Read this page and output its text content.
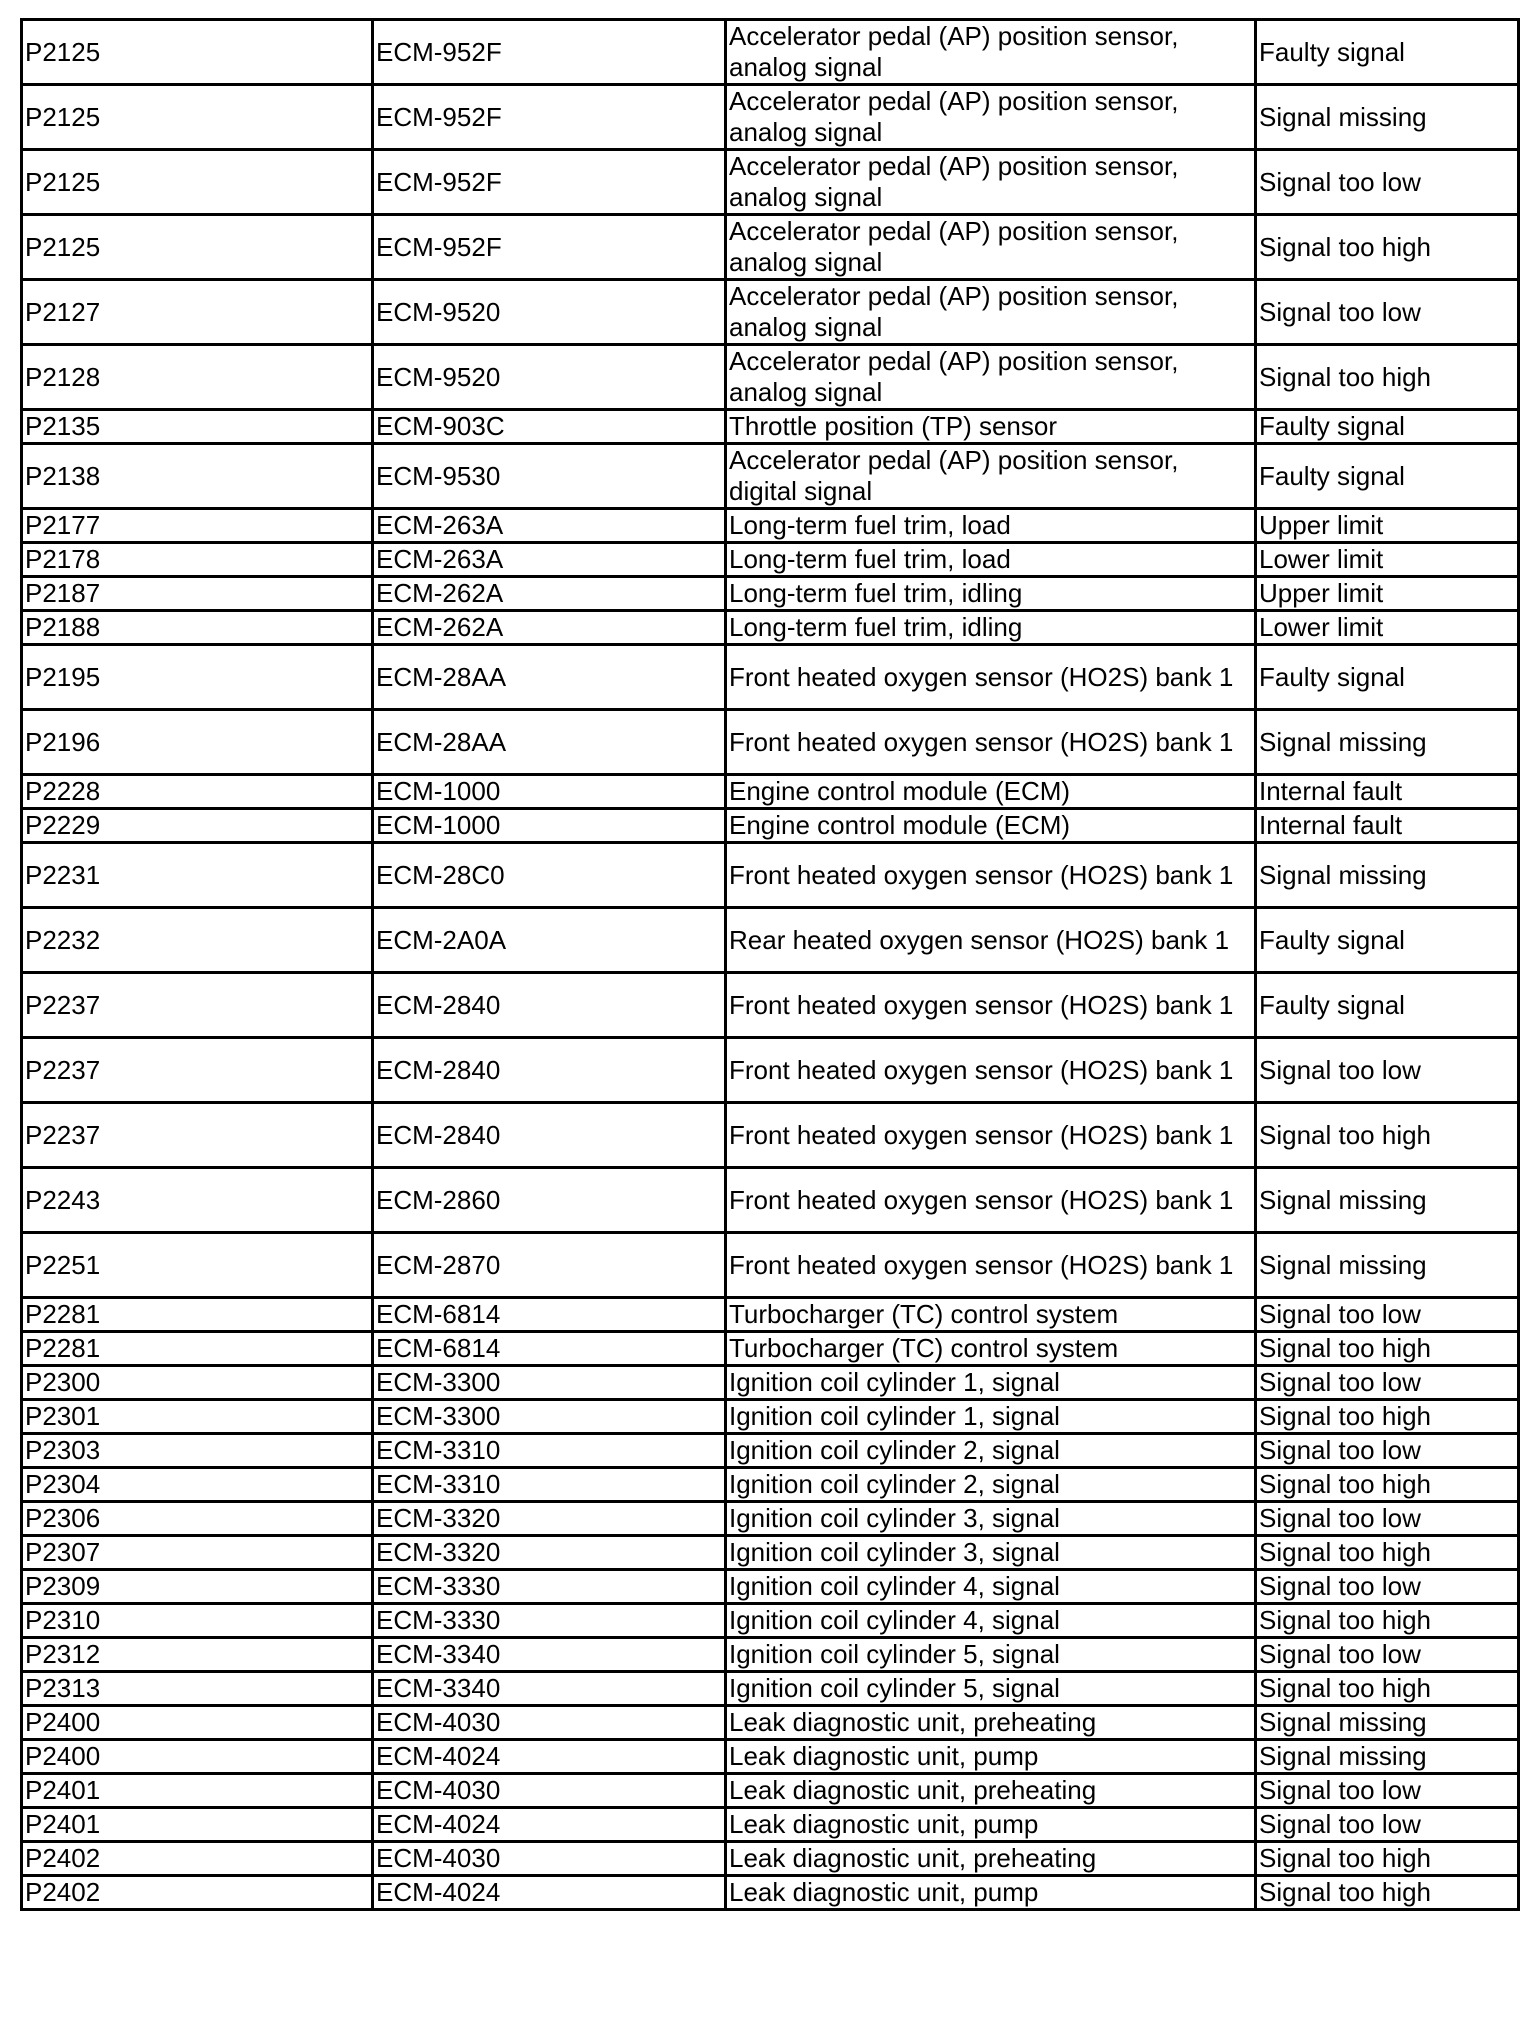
P2125	ECM-952F	Accelerator pedal (AP) position sensor, analog signal	Faulty signal
P2125	ECM-952F	Accelerator pedal (AP) position sensor, analog signal	Signal missing
P2125	ECM-952F	Accelerator pedal (AP) position sensor, analog signal	Signal too low
P2125	ECM-952F	Accelerator pedal (AP) position sensor, analog signal	Signal too high
P2127	ECM-9520	Accelerator pedal (AP) position sensor, analog signal	Signal too low
P2128	ECM-9520	Accelerator pedal (AP) position sensor, analog signal	Signal too high
P2135	ECM-903C	Throttle position (TP) sensor	Faulty signal
P2138	ECM-9530	Accelerator pedal (AP) position sensor, digital signal	Faulty signal
P2177	ECM-263A	Long-term fuel trim, load	Upper limit
P2178	ECM-263A	Long-term fuel trim, load	Lower limit
P2187	ECM-262A	Long-term fuel trim, idling	Upper limit
P2188	ECM-262A	Long-term fuel trim, idling	Lower limit
P2195	ECM-28AA	Front heated oxygen sensor (HO2S) bank 1	Faulty signal
P2196	ECM-28AA	Front heated oxygen sensor (HO2S) bank 1	Signal missing
P2228	ECM-1000	Engine control module (ECM)	Internal fault
P2229	ECM-1000	Engine control module (ECM)	Internal fault
P2231	ECM-28C0	Front heated oxygen sensor (HO2S) bank 1	Signal missing
P2232	ECM-2A0A	Rear heated oxygen sensor (HO2S) bank 1	Faulty signal
P2237	ECM-2840	Front heated oxygen sensor (HO2S) bank 1	Faulty signal
P2237	ECM-2840	Front heated oxygen sensor (HO2S) bank 1	Signal too low
P2237	ECM-2840	Front heated oxygen sensor (HO2S) bank 1	Signal too high
P2243	ECM-2860	Front heated oxygen sensor (HO2S) bank 1	Signal missing
P2251	ECM-2870	Front heated oxygen sensor (HO2S) bank 1	Signal missing
P2281	ECM-6814	Turbocharger (TC) control system	Signal too low
P2281	ECM-6814	Turbocharger (TC) control system	Signal too high
P2300	ECM-3300	Ignition coil cylinder 1, signal	Signal too low
P2301	ECM-3300	Ignition coil cylinder 1, signal	Signal too high
P2303	ECM-3310	Ignition coil cylinder 2, signal	Signal too low
P2304	ECM-3310	Ignition coil cylinder 2, signal	Signal too high
P2306	ECM-3320	Ignition coil cylinder 3, signal	Signal too low
P2307	ECM-3320	Ignition coil cylinder 3, signal	Signal too high
P2309	ECM-3330	Ignition coil cylinder 4, signal	Signal too low
P2310	ECM-3330	Ignition coil cylinder 4, signal	Signal too high
P2312	ECM-3340	Ignition coil cylinder 5, signal	Signal too low
P2313	ECM-3340	Ignition coil cylinder 5, signal	Signal too high
P2400	ECM-4030	Leak diagnostic unit, preheating	Signal missing
P2400	ECM-4024	Leak diagnostic unit, pump	Signal missing
P2401	ECM-4030	Leak diagnostic unit, preheating	Signal too low
P2401	ECM-4024	Leak diagnostic unit, pump	Signal too low
P2402	ECM-4030	Leak diagnostic unit, preheating	Signal too high
P2402	ECM-4024	Leak diagnostic unit, pump	Signal too high
